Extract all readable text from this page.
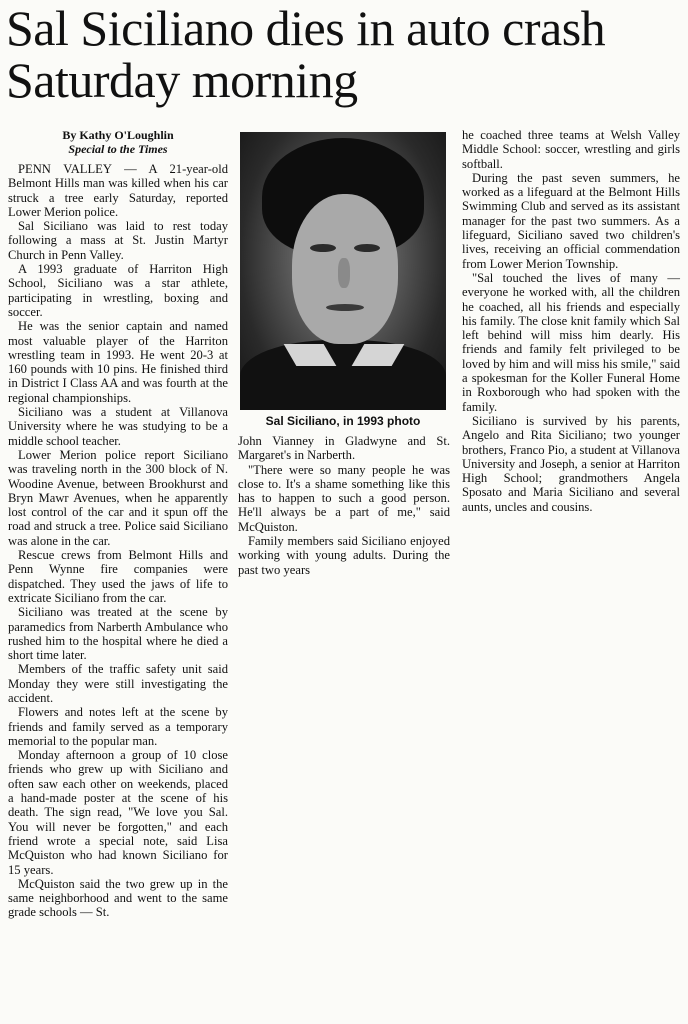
Sal Siciliano dies in auto crash Saturday morning
By Kathy O'Loughlin
Special to the Times

PENN VALLEY — A 21-year-old Belmont Hills man was killed when his car struck a tree early Saturday, reported Lower Merion police.

Sal Siciliano was laid to rest today following a mass at St. Justin Martyr Church in Penn Valley.

A 1993 graduate of Harriton High School, Siciliano was a star athlete, participating in wrestling, boxing and soccer.

He was the senior captain and named most valuable player of the Harriton wrestling team in 1993. He went 20-3 at 160 pounds with 10 pins. He finished third in District I Class AA and was fourth at the regional championships.

Siciliano was a student at Villanova University where he was studying to be a middle school teacher.

Lower Merion police report Siciliano was traveling north in the 300 block of N. Woodine Avenue, between Brookhurst and Bryn Mawr Avenues, when he apparently lost control of the car and it spun off the road and struck a tree. Police said Siciliano was alone in the car.

Rescue crews from Belmont Hills and Penn Wynne fire companies were dispatched. They used the jaws of life to extricate Siciliano from the car.

Siciliano was treated at the scene by paramedics from Narberth Ambulance who rushed him to the hospital where he died a short time later.

Members of the traffic safety unit said Monday they were still investigating the accident.

Flowers and notes left at the scene by friends and family served as a temporary memorial to the popular man.

Monday afternoon a group of 10 close friends who grew up with Siciliano and often saw each other on weekends, placed a hand-made poster at the scene of his death. The sign read, "We love you Sal. You will never be forgotten," and each friend wrote a special note, said Lisa McQuiston who had known Siciliano for 15 years.

McQuiston said the two grew up in the same neighborhood and went to the same grade schools — St.

Sal Siciliano, in 1993 photo

John Vianney in Gladwyne and St. Margaret's in Narberth.

"There were so many people he was close to. It's a shame something like this has to happen to such a good person. He'll always be a part of me," said McQuiston.

Family members said Siciliano enjoyed working with young adults. During the past two years

he coached three teams at Welsh Valley Middle School: soccer, wrestling and girls softball.

During the past seven summers, he worked as a lifeguard at the Belmont Hills Swimming Club and served as its assistant manager for the past two summers. As a lifeguard, Siciliano saved two children's lives, receiving an official commendation from Lower Merion Township.

"Sal touched the lives of many — everyone he worked with, all the children he coached, all his friends and especially his family. The close knit family which Sal left behind will miss him dearly. His friends and family felt privileged to be loved by him and will miss his smile," said a spokesman for the Koller Funeral Home in Roxborough who had spoken with the family.

Siciliano is survived by his parents, Angelo and Rita Siciliano; two younger brothers, Franco Pio, a student at Villanova University and Joseph, a senior at Harriton High School; grandmothers Angela Sposato and Maria Siciliano and several aunts, uncles and cousins.
